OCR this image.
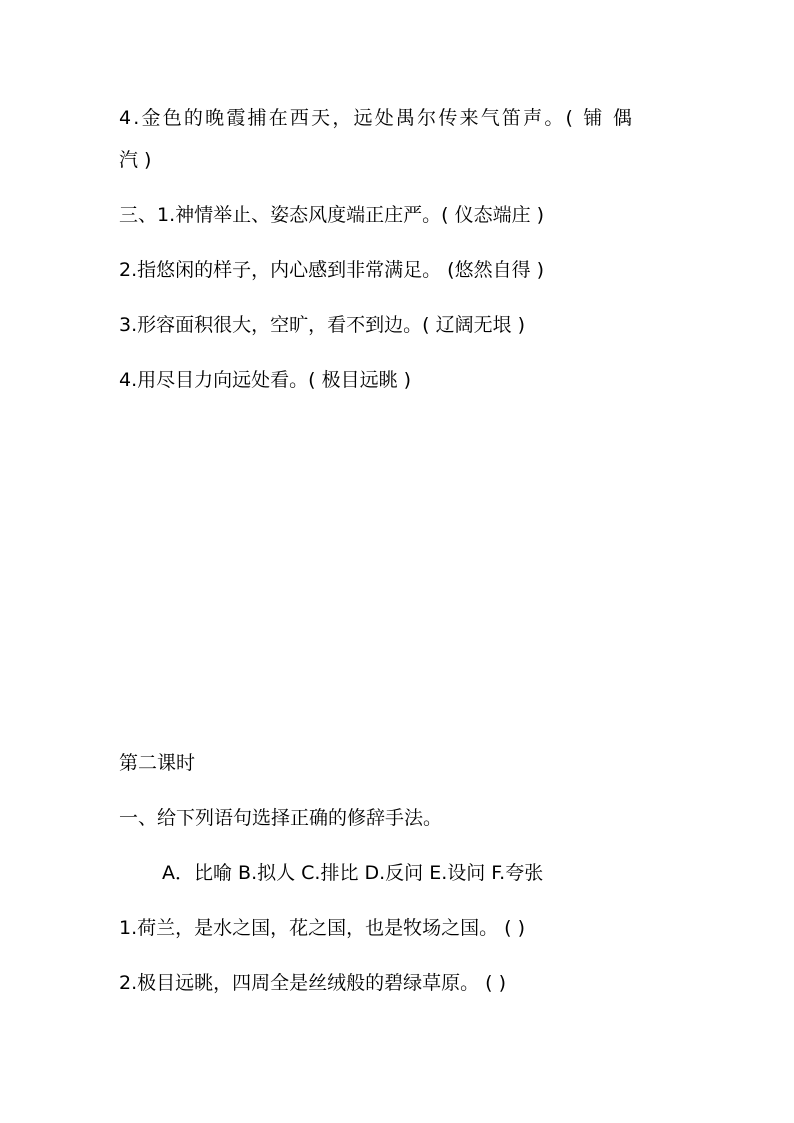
4.金色的晚霞捕在西天，远处禺尔传来气笛声。( 铺 偶
汽 )
三、1.神情举止、姿态风度端正庄严。( 仪态端庄 )
2.指悠闲的样子，内心感到非常满足。 (悠然自得 )
3.形容面积很大，空旷，看不到边。( 辽阔无垠 )
4.用尽目力向远处看。( 极目远眺 )
第二课时
一、给下列语句选择正确的修辞手法。
A．比喻 B.拟人 C.排比 D.反问 E.设问 F.夸张
1.荷兰，是水之国，花之国，也是牧场之国。 ( )
2.极目远眺，四周全是丝绒般的碧绿草原。 ( )
